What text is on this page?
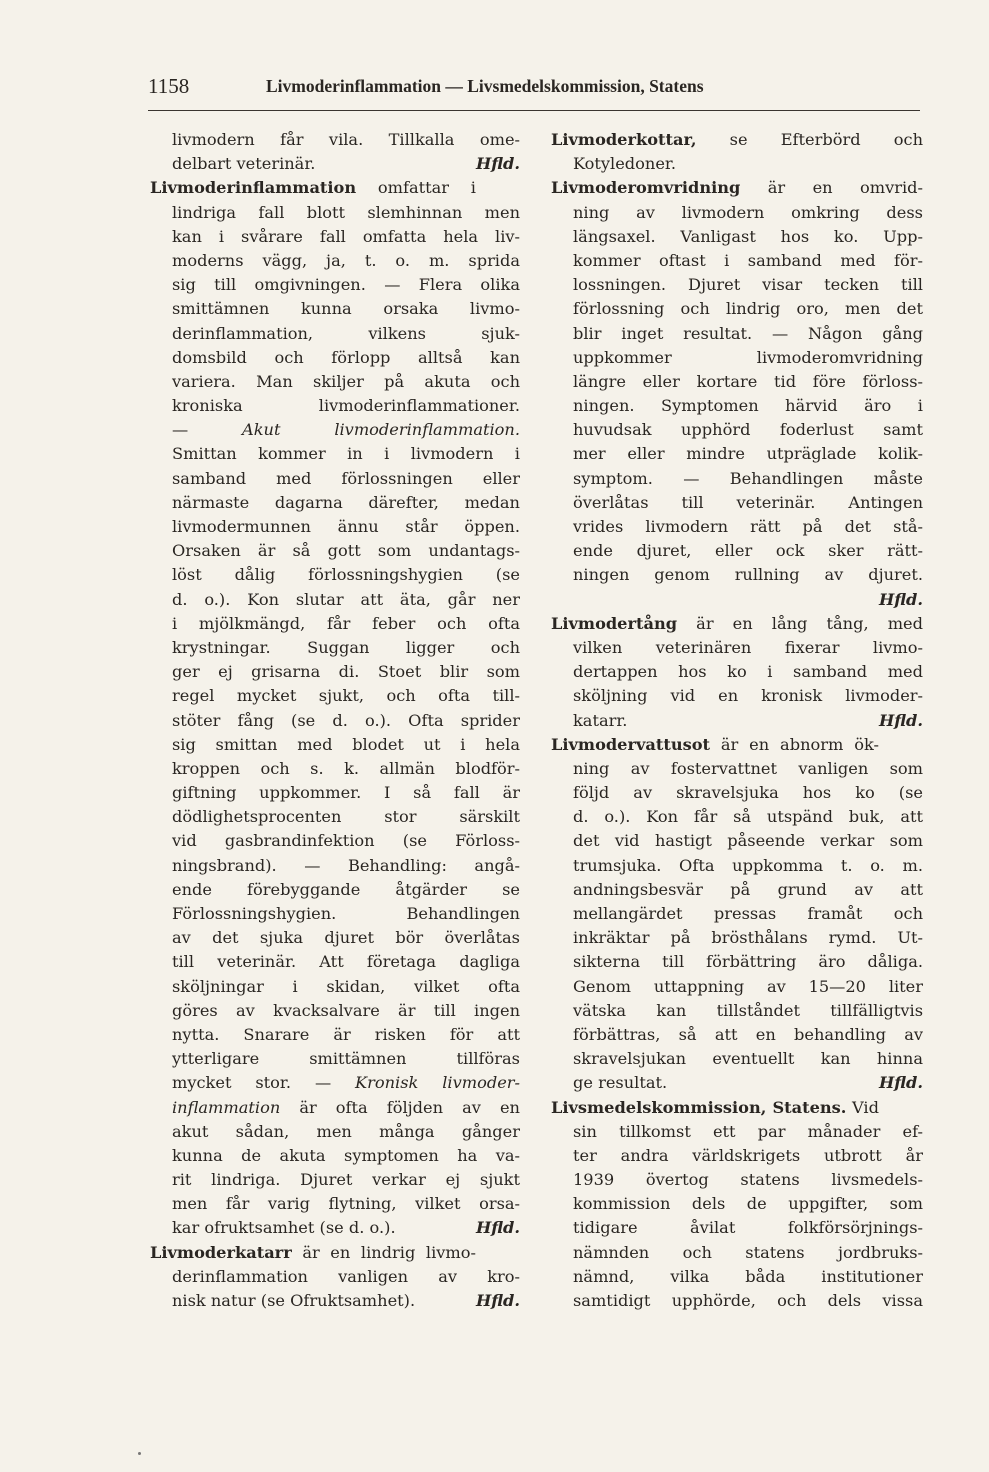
1158	Livmoderinflammation — Livsmedelskommission, Statens
livmodern får vila. Tillkalla ome-
Hfld.
delbart veterinär.
Livmoderinflammation omfattar i
lindriga fall blott slemhinnan men
kan i svårare fall omfatta hela liv-
moderns vägg, ja, t. o. m. sprida
sig till omgivningen. — Flera olika
smittämnen kunna orsaka livmo-
derinflammation, vilkens sjuk-
domsbild och förlopp alltså kan
variera. Man skiljer på akuta och
kroniska livmoderinflammationer.
— Akut livmoderinflammation.
Smittan kommer in i livmodern i
samband med förlossningen eller
närmaste dagarna därefter, medan
livmodermunnen ännu står öppen.
Orsaken är så gott som undantags-
löst dålig förlossningshygien (se
d. o.). Kon slutar att äta, går ner
i mjölkmängd, får feber och ofta
krystningar. Suggan ligger och
ger ej grisarna di. Stoet blir som
regel mycket sjukt, och ofta till-
stöter fång (se d. o.). Ofta sprider
sig smittan med blodet ut i hela
kroppen och s. k. allmän blodför-
giftning uppkommer. I så fall är
dödlighetsprocenten stor särskilt
vid gasbrandinfektion (se Förloss-
ningsbrand). — Behandling: angå-
ende förebyggande åtgärder se
Förlossningshygien. Behandlingen
av det sjuka djuret bör överlåtas
till veterinär. Att företaga dagliga
sköljningar i skidan, vilket ofta
göres av kvacksalvare är till ingen
nytta. Snarare är risken för att
ytterligare smittämnen tillföras
mycket stor. — Kronisk livmoder-
inflammation är ofta följden av en
akut sådan, men många gånger
kunna de akuta symptomen ha va-
rit lindriga. Djuret verkar ej sjukt
men får varig flytning, vilket orsa-
Hfld.
kar ofruktsamhet (se d. o.).
Livmoderkatarr är en lindrig livmo-
derinflammation vanligen av kro-
Hfld.
nisk natur (se Ofruktsamhet).
Livmoderkottar, se Efterbörd och
Kotyledoner.
Livmoderomvridning är en omvrid-
ning av livmodern omkring dess
längsaxel. Vanligast hos ko. Upp-
kommer oftast i samband med för-
lossningen. Djuret visar tecken till
förlossning och lindrig oro, men det
blir inget resultat. — Någon gång
uppkommer livmoderomvridning
längre eller kortare tid före förloss-
ningen. Symptomen härvid äro i
huvudsak upphörd foderlust samt
mer eller mindre utpräglade kolik-
symptom. — Behandlingen måste
överlåtas till veterinär. Antingen
vrides livmodern rätt på det stå-
ende djuret, eller ock sker rätt-
ningen genom rullning av djuret.
Hfld.
Livmodertång är en lång tång, med
vilken veterinären fixerar livmo-
dertappen hos ko i samband med
sköljning vid en kronisk livmoder-
Hfld.
katarr.
Livmodervattusot är en abnorm ök-
ning av fostervattnet vanligen som
följd av skravelsjuka hos ko (se
d. o.). Kon får så utspänd buk, att
det vid hastigt påseende verkar som
trumsjuka. Ofta uppkomma t. o. m.
andningsbesvär på grund av att
mellangärdet pressas framåt och
inkräktar på brösthålans rymd. Ut-
sikterna till förbättring äro dåliga.
Genom uttappning av 15—20 liter
vätska kan tillståndet tillfälligtvis
förbättras, så att en behandling av
skravelsjukan eventuellt kan hinna
Hfld.
ge resultat.
Livsmedelskommission, Statens. Vid
sin tillkomst ett par månader ef-
ter andra världskrigets utbrott år
1939 övertog statens livsmedels-
kommission dels de uppgifter, som
tidigare åvilat folkförsörjnings-
nämnden och statens jordbruks-
nämnd, vilka båda institutioner
samtidigt upphörde, och dels vissa
